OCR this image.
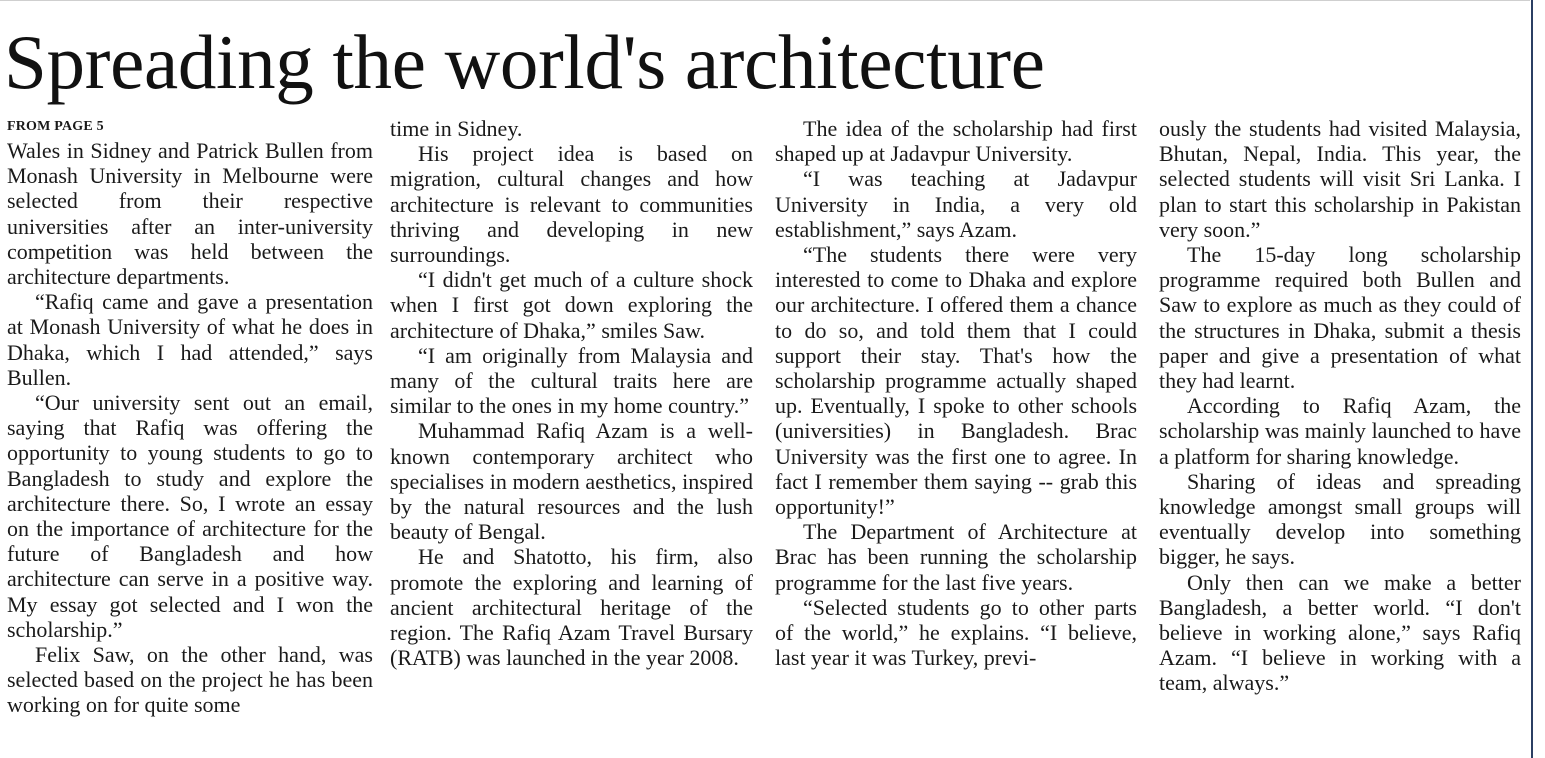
Spreading the world's architecture
FROM PAGE 5

Wales in Sidney and Patrick Bullen from Monash University in Melbourne were selected from their respective universities after an inter-university competition was held between the architecture departments.

“Rafiq came and gave a presentation at Monash University of what he does in Dhaka, which I had attended,” says Bullen.

“Our university sent out an email, saying that Rafiq was offering the opportunity to young students to go to Bangladesh to study and explore the architecture there. So, I wrote an essay on the importance of architecture for the future of Bangladesh and how architecture can serve in a positive way. My essay got selected and I won the scholarship.”

Felix Saw, on the other hand, was selected based on the project he has been working on for quite some

time in Sidney.

His project idea is based on migration, cultural changes and how architecture is relevant to communities thriving and developing in new surroundings.

“I didn't get much of a culture shock when I first got down exploring the architecture of Dhaka,” smiles Saw.

“I am originally from Malaysia and many of the cultural traits here are similar to the ones in my home country.”

Muhammad Rafiq Azam is a well-known contemporary architect who specialises in modern aesthetics, inspired by the natural resources and the lush beauty of Bengal.

He and Shatotto, his firm, also promote the exploring and learning of ancient architectural heritage of the region. The Rafiq Azam Travel Bursary (RATB) was launched in the year 2008.

The idea of the scholarship had first shaped up at Jadavpur University.

“I was teaching at Jadavpur University in India, a very old establishment,” says Azam.

“The students there were very interested to come to Dhaka and explore our architecture. I offered them a chance to do so, and told them that I could support their stay. That's how the scholarship programme actually shaped up. Eventually, I spoke to other schools (universities) in Bangladesh. Brac University was the first one to agree. In fact I remember them saying -- grab this opportunity!”

The Department of Architecture at Brac has been running the scholarship programme for the last five years.

“Selected students go to other parts of the world,” he explains. “I believe, last year it was Turkey, previ-

ously the students had visited Malaysia, Bhutan, Nepal, India. This year, the selected students will visit Sri Lanka. I plan to start this scholarship in Pakistan very soon.”

The 15-day long scholarship programme required both Bullen and Saw to explore as much as they could of the structures in Dhaka, submit a thesis paper and give a presentation of what they had learnt.

According to Rafiq Azam, the scholarship was mainly launched to have a platform for sharing knowledge.

Sharing of ideas and spreading knowledge amongst small groups will eventually develop into something bigger, he says.

Only then can we make a better Bangladesh, a better world. “I don't believe in working alone,” says Rafiq Azam. “I believe in working with a team, always.”
